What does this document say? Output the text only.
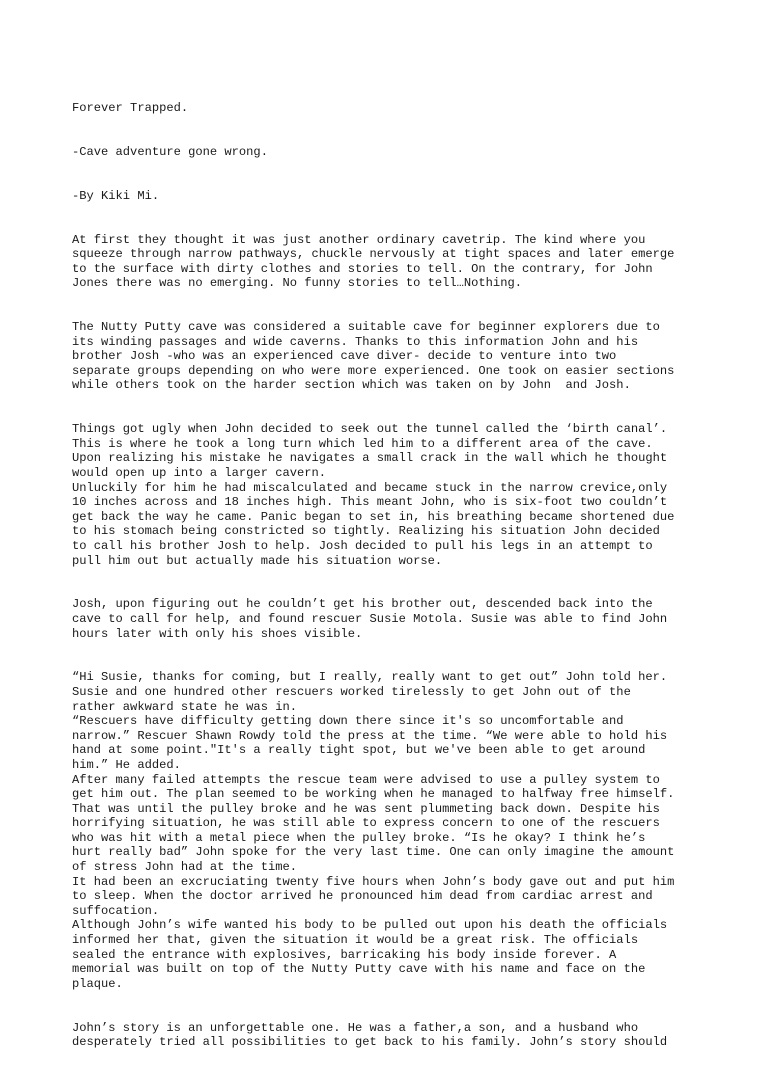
Forever Trapped.

-Cave adventure gone wrong.

-By Kiki Mi.

At first they thought it was just another ordinary cavetrip. The kind where you
squeeze through narrow pathways, chuckle nervously at tight spaces and later emerge
to the surface with dirty clothes and stories to tell. On the contrary, for John
Jones there was no emerging. No funny stories to tell…Nothing.
The Nutty Putty cave was considered a suitable cave for beginner explorers due to
its winding passages and wide caverns. Thanks to this information John and his
brother Josh -who was an experienced cave diver- decide to venture into two
separate groups depending on who were more experienced. One took on easier sections
while others took on the harder section which was taken on by John  and Josh.
Things got ugly when John decided to seek out the tunnel called the ‘birth canal’.
This is where he took a long turn which led him to a different area of the cave.
Upon realizing his mistake he navigates a small crack in the wall which he thought
would open up into a larger cavern.
Unluckily for him he had miscalculated and became stuck in the narrow crevice,only
10 inches across and 18 inches high. This meant John, who is six-foot two couldn’t
get back the way he came. Panic began to set in, his breathing became shortened due
to his stomach being constricted so tightly. Realizing his situation John decided
to call his brother Josh to help. Josh decided to pull his legs in an attempt to
pull him out but actually made his situation worse.
Josh, upon figuring out he couldn’t get his brother out, descended back into the
cave to call for help, and found rescuer Susie Motola. Susie was able to find John
hours later with only his shoes visible.
“Hi Susie, thanks for coming, but I really, really want to get out” John told her.
Susie and one hundred other rescuers worked tirelessly to get John out of the
rather awkward state he was in.
“Rescuers have difficulty getting down there since it's so uncomfortable and
narrow.” Rescuer Shawn Rowdy told the press at the time. “We were able to hold his
hand at some point."It's a really tight spot, but we've been able to get around
him.” He added.
After many failed attempts the rescue team were advised to use a pulley system to
get him out. The plan seemed to be working when he managed to halfway free himself.
That was until the pulley broke and he was sent plummeting back down. Despite his
horrifying situation, he was still able to express concern to one of the rescuers
who was hit with a metal piece when the pulley broke. “Is he okay? I think he’s
hurt really bad” John spoke for the very last time. One can only imagine the amount
of stress John had at the time.
It had been an excruciating twenty five hours when John’s body gave out and put him
to sleep. When the doctor arrived he pronounced him dead from cardiac arrest and
suffocation.
Although John’s wife wanted his body to be pulled out upon his death the officials
informed her that, given the situation it would be a great risk. The officials
sealed the entrance with explosives, barricaking his body inside forever. A
memorial was built on top of the Nutty Putty cave with his name and face on the
plaque.
John’s story is an unforgettable one. He was a father,a son, and a husband who
desperately tried all possibilities to get back to his family. John’s story should
